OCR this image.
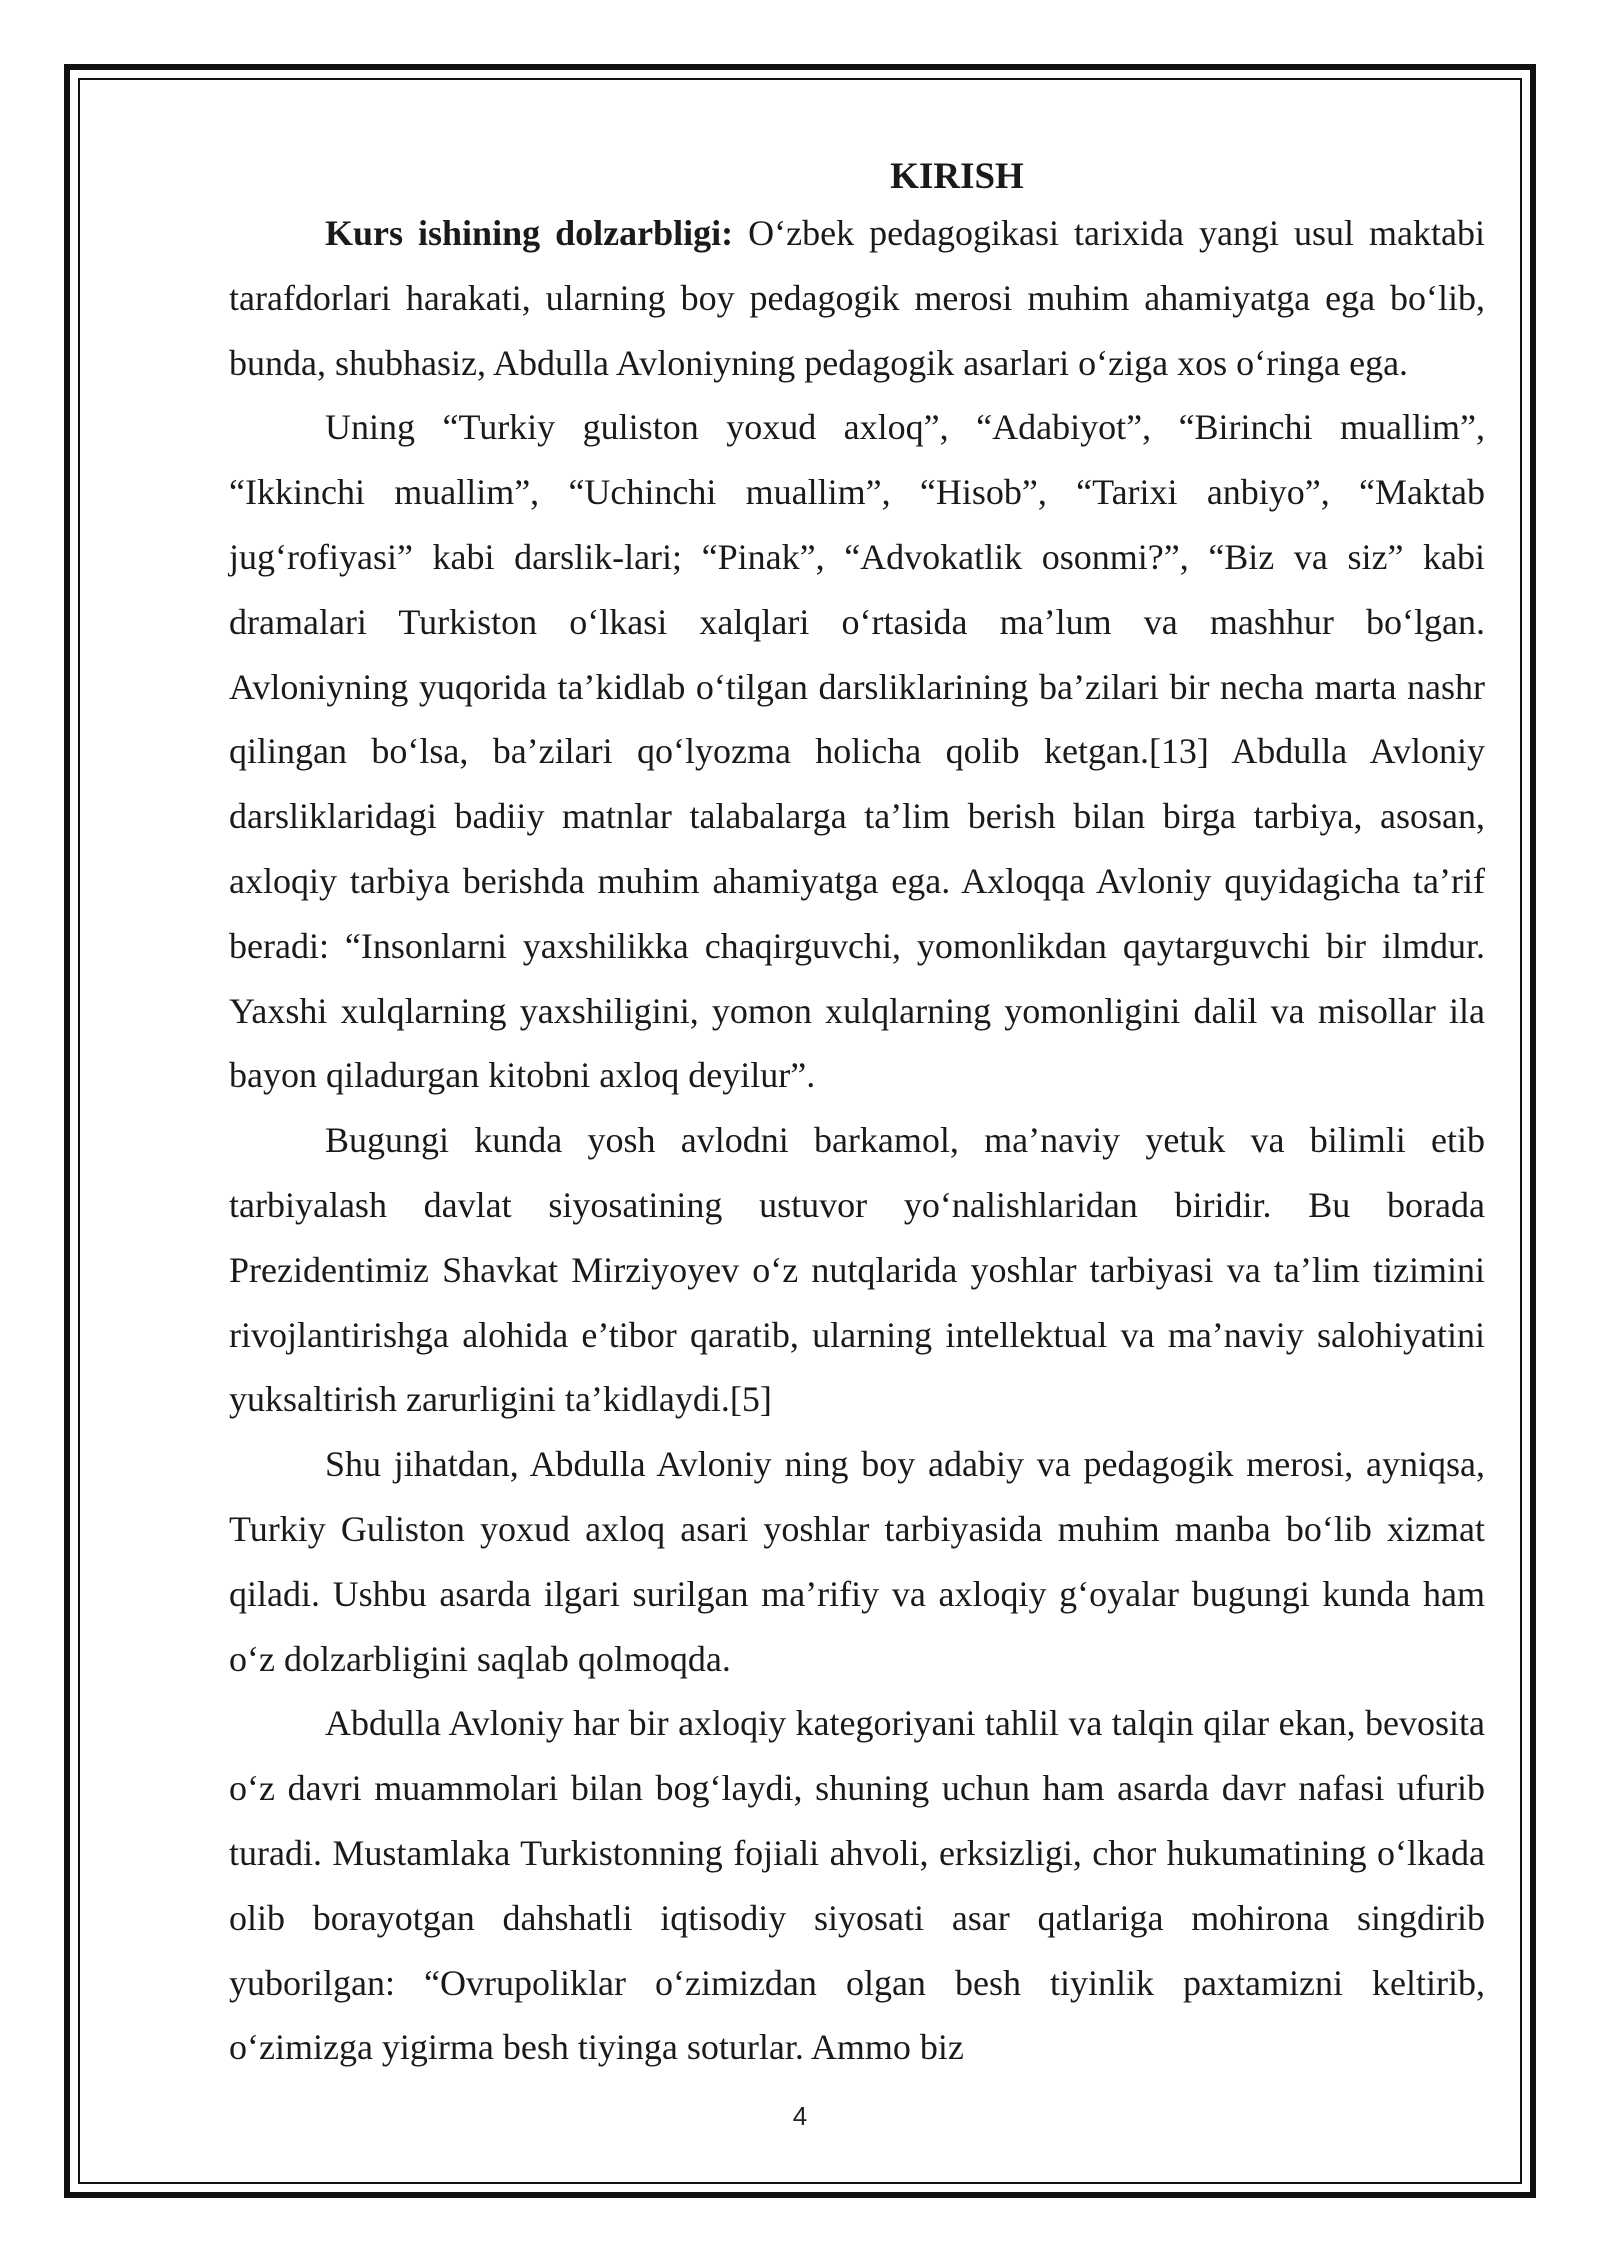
KIRISH

Kurs ishining dolzarbligi: O‘zbek pedagogikasi tarixida yangi usul maktabi tarafdorlari harakati, ularning boy pedagogik merosi muhim ahamiyatga ega bo‘lib, bunda, shubhasiz, Abdulla Avloniyning pedagogik asarlari o‘ziga xos o‘ringa ega.

Uning “Turkiy guliston yoxud axloq”, “Adabiyot”, “Birinchi muallim”, “Ikkinchi muallim”, “Uchinchi muallim”, “Hisob”, “Tarixi anbiyo”, “Maktab jug‘rofiyasi” kabi darslik-lari; “Pinak”, “Advokatlik osonmi?”, “Biz va siz” kabi dramalari Turkiston o‘lkasi xalqlari o‘rtasida ma’lum va mashhur bo‘lgan. Avloniyning yuqorida ta’kidlab o‘tilgan darsliklarining ba’zilari bir necha marta nashr qilingan bo‘lsa, ba’zilari qo‘lyozma holicha qolib ketgan.[13] Abdulla Avloniy darsliklaridagi badiiy matnlar talabalarga ta’lim berish bilan birga tarbiya, asosan, axloqiy tarbiya berishda muhim ahamiyatga ega. Axloqqa Avloniy quyidagicha ta’rif beradi: “Insonlarni yaxshilikka chaqirguvchi, yomonlikdan qaytarguvchi bir ilmdur. Yaxshi xulqlarning yaxshiligini, yomon xulqlarning yomonligini dalil va misollar ila bayon qiladurgan kitobni axloq deyilur”.

Bugungi kunda yosh avlodni barkamol, ma’naviy yetuk va bilimli etib tarbiyalash davlat siyosatining ustuvor yo‘nalishlaridan biridir. Bu borada Prezidentimiz Shavkat Mirziyoyev o‘z nutqlarida yoshlar tarbiyasi va ta’lim tizimini rivojlantirishga alohida e’tibor qaratib, ularning intellektual va ma’naviy salohiyatini yuksaltirish zarurligini ta’kidlaydi.[5]

Shu jihatdan, Abdulla Avloniy ning boy adabiy va pedagogik merosi, ayniqsa, Turkiy Guliston yoxud axloq asari yoshlar tarbiyasida muhim manba bo‘lib xizmat qiladi. Ushbu asarda ilgari surilgan ma’rifiy va axloqiy g‘oyalar bugungi kunda ham o‘z dolzarbligini saqlab qolmoqda.

Abdulla Avloniy har bir axloqiy kategoriyani tahlil va talqin qilar ekan, bevosita o‘z davri muammolari bilan bog‘laydi, shuning uchun ham asarda davr nafasi ufurib turadi. Mustamlaka Turkistonning fojiali ahvoli, erksizligi, chor hukumatining o‘lkada olib borayotgan dahshatli iqtisodiy siyosati asar qatlariga mohirona singdirib yuborilgan: “Ovrupoliklar o‘zimizdan olgan besh tiyinlik paxtamizni keltirib, o‘zimizga yigirma besh tiyinga soturlar. Ammo biz

4
